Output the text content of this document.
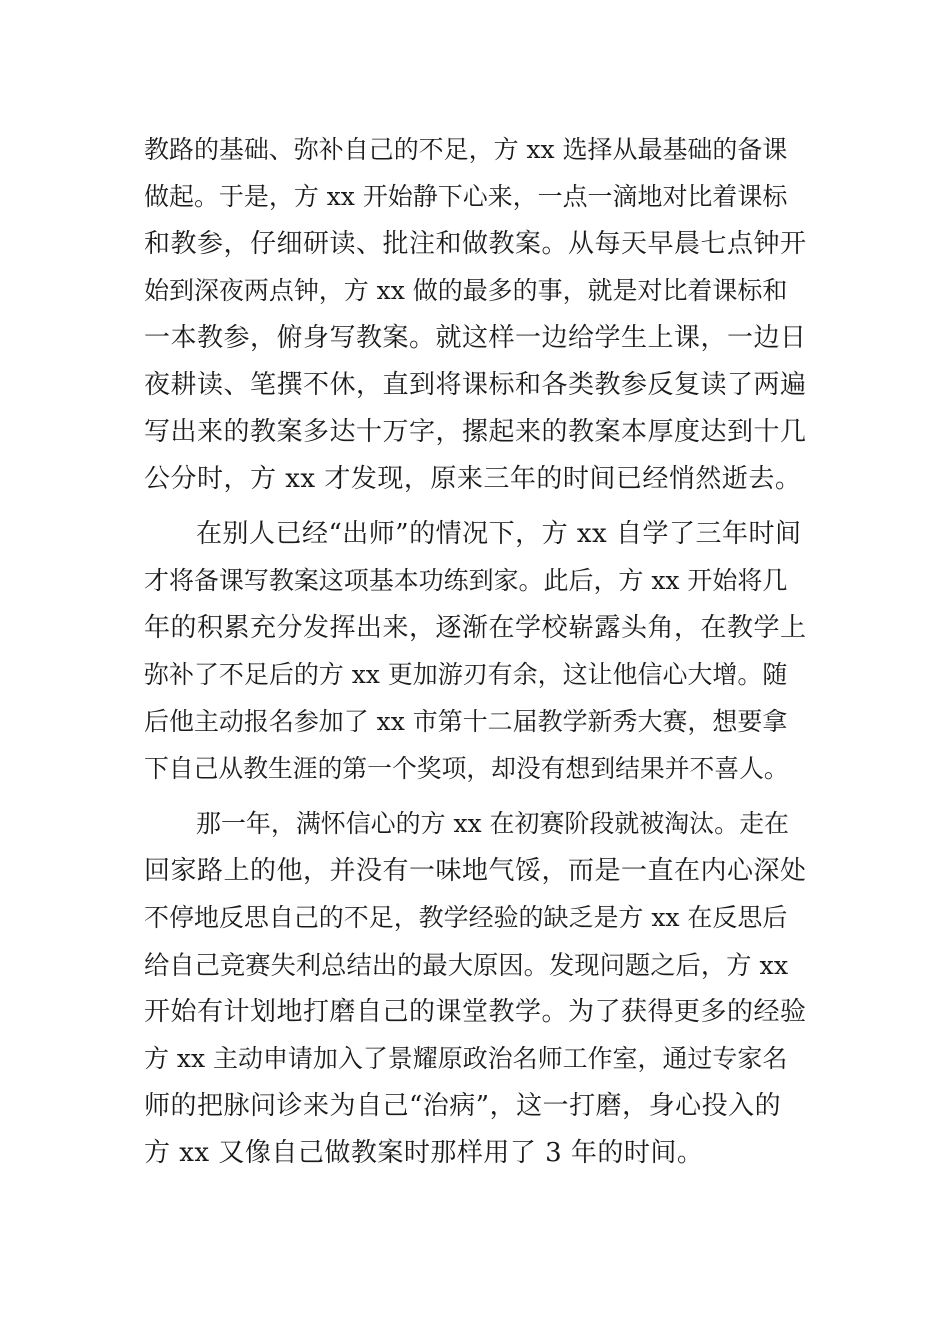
教路的基础、弥补自己的不足，方 xx 选择从最基础的备课
做起。于是，方 xx 开始静下心来，一点一滴地对比着课标
和教参，仔细研读、批注和做教案。从每天早晨七点钟开
始到深夜两点钟，方 xx 做的最多的事，就是对比着课标和
一本教参，俯身写教案。就这样一边给学生上课，一边日
夜耕读、笔撰不休，直到将课标和各类教参反复读了两遍
写出来的教案多达十万字，摞起来的教案本厚度达到十几
公分时，方 xx 才发现，原来三年的时间已经悄然逝去。
在别人已经“出师”的情况下，方 xx 自学了三年时间
才将备课写教案这项基本功练到家。此后，方 xx 开始将几
年的积累充分发挥出来，逐渐在学校崭露头角，在教学上
弥补了不足后的方 xx 更加游刃有余，这让他信心大增。随
后他主动报名参加了 xx 市第十二届教学新秀大赛，想要拿
下自己从教生涯的第一个奖项，却没有想到结果并不喜人。
那一年，满怀信心的方 xx 在初赛阶段就被淘汰。走在
回家路上的他，并没有一味地气馁，而是一直在内心深处
不停地反思自己的不足，教学经验的缺乏是方 xx 在反思后
给自己竞赛失利总结出的最大原因。发现问题之后，方 xx
开始有计划地打磨自己的课堂教学。为了获得更多的经验
方 xx 主动申请加入了景耀原政治名师工作室，通过专家名
师的把脉问诊来为自己“治病”，这一打磨，身心投入的
方 xx 又像自己做教案时那样用了 3 年的时间。
